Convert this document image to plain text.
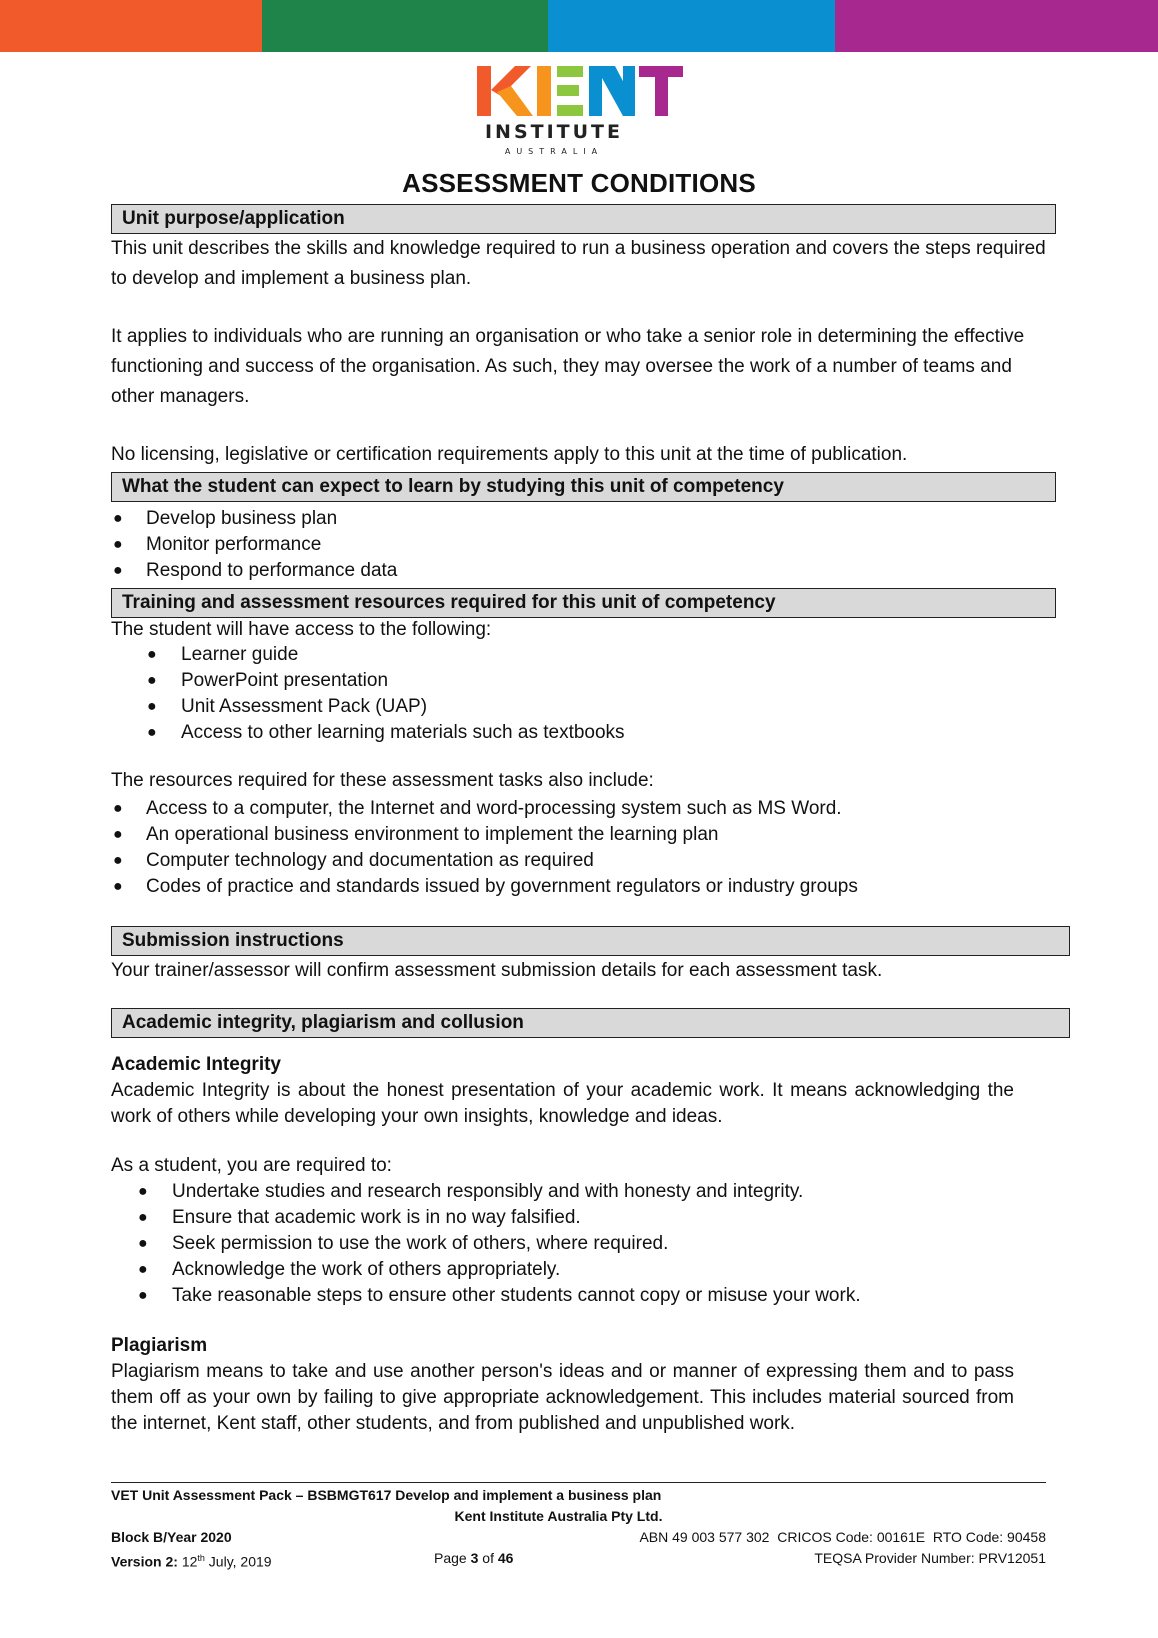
INSTITUTE
AUSTRALIA
ASSESSMENT CONDITIONS
Unit purpose/application

This unit describes the skills and knowledge required to run a business operation and covers the steps required to develop and implement a business plan.

It applies to individuals who are running an organisation or who take a senior role in determining the effective functioning and success of the organisation. As such, they may oversee the work of a number of teams and other managers.

No licensing, legislative or certification requirements apply to this unit at the time of publication.

What the student can expect to learn by studying this unit of competency
● Develop business plan
● Monitor performance
● Respond to performance data
Training and assessment resources required for this unit of competency

The student will have access to the following:

● Learner guide
● PowerPoint presentation
● Unit Assessment Pack (UAP)
● Access to other learning materials such as textbooks

The resources required for these assessment tasks also include:

● Access to a computer, the Internet and word-processing system such as MS Word.
● An operational business environment to implement the learning plan
● Computer technology and documentation as required
● Codes of practice and standards issued by government regulators or industry groups
Submission instructions

Your trainer/assessor will confirm assessment submission details for each assessment task.

Academic integrity, plagiarism and collusion
Academic Integrity

Academic Integrity is about the honest presentation of your academic work. It means acknowledging the work of others while developing your own insights, knowledge and ideas.

As a student, you are required to:

● Undertake studies and research responsibly and with honesty and integrity.
● Ensure that academic work is in no way falsified.
● Seek permission to use the work of others, where required.
● Acknowledge the work of others appropriately.
● Take reasonable steps to ensure other students cannot copy or misuse your work.
Plagiarism

Plagiarism means to take and use another person's ideas and or manner of expressing them and to pass them off as your own by failing to give appropriate acknowledgement. This includes material sourced from the internet, Kent staff, other students, and from published and unpublished work.

VET Unit Assessment Pack – BSBMGT617 Develop and implement a business plan
Kent Institute Australia Pty Ltd.
Block B/Year 2020	ABN 49 003 577 302  CRICOS Code: 00161E  RTO Code: 90458
Version 2: 12th July, 2019	Page 3 of 46	TEQSA Provider Number: PRV12051
